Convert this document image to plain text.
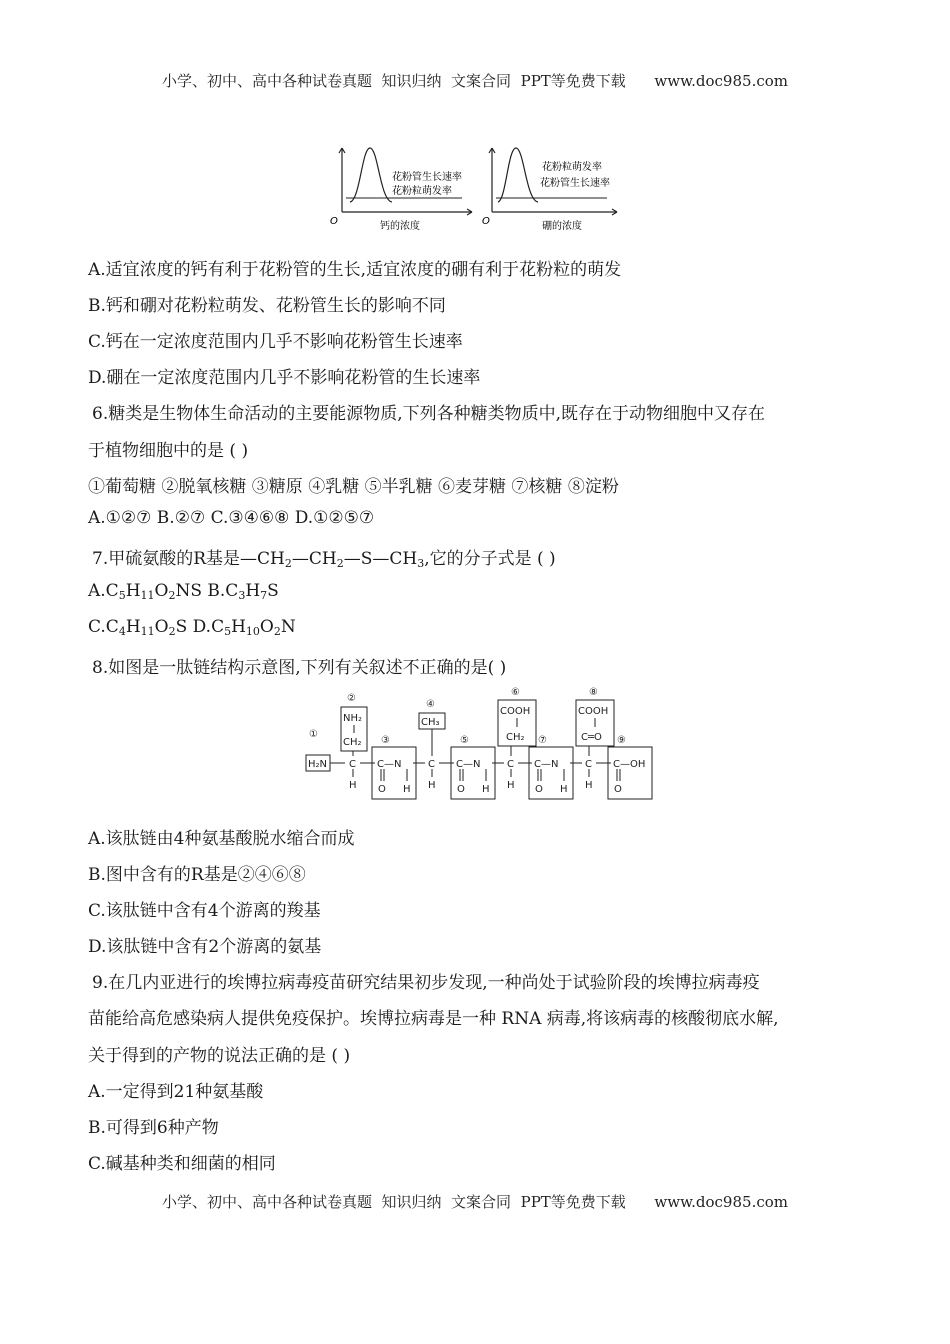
小学、初中、高中各种试卷真题  知识归纳  文案合同  PPT等免费下载      www.doc985.com
O	钙的浓度
花粉管生长速率
花粉粒萌发率
O	硼的浓度
花粉粒萌发率
花粉管生长速率
A.适宜浓度的钙有利于花粉管的生长,适宜浓度的硼有利于花粉粒的萌发
B.钙和硼对花粉粒萌发、花粉管生长的影响不同
C.钙在一定浓度范围内几乎不影响花粉管生长速率
D.硼在一定浓度范围内几乎不影响花粉管的生长速率
6.糖类是生物体生命活动的主要能源物质,下列各种糖类物质中,既存在于动物细胞中又存在
于植物细胞中的是 ( )
①葡萄糖 ②脱氧核糖 ③糖原 ④乳糖 ⑤半乳糖 ⑥麦芽糖 ⑦核糖 ⑧淀粉
A.①②⑦ B.②⑦ C.③④⑥⑧ D.①②⑤⑦
7.甲硫氨酸的R基是$—CH_2—CH_2—S—CH_3$,它的分子式是 ( )
$A.C_5H_{11}O_2NS$ $B.C_3H_7S$
$C.C_4H_{11}O_2S$ $D.C_5H_{10}O_2N$
8.如图是一肽链结构示意图,下列有关叙述不正确的是( )
①
②
③
④
⑤
⑥
⑦
⑧
⑨
H₂N
NH₂
CH₂
CH₃
COOH
CH₂
COOH
C═O
C
H
C—N
O H
C
H
C—N
O H
C
H
C—N
O H
C
H
C—OH
O
A.该肽链由4种氨基酸脱水缩合而成
B.图中含有的R基是②④⑥⑧
C.该肽链中含有4个游离的羧基
D.该肽链中含有2个游离的氨基
9.在几内亚进行的埃博拉病毒疫苗研究结果初步发现,一种尚处于试验阶段的埃博拉病毒疫
苗能给高危感染病人提供免疫保护。埃博拉病毒是一种 RNA 病毒,将该病毒的核酸彻底水解,
关于得到的产物的说法正确的是 ( )
A.一定得到21种氨基酸
B.可得到6种产物
C.碱基种类和细菌的相同
小学、初中、高中各种试卷真题  知识归纳  文案合同  PPT等免费下载      www.doc985.com
